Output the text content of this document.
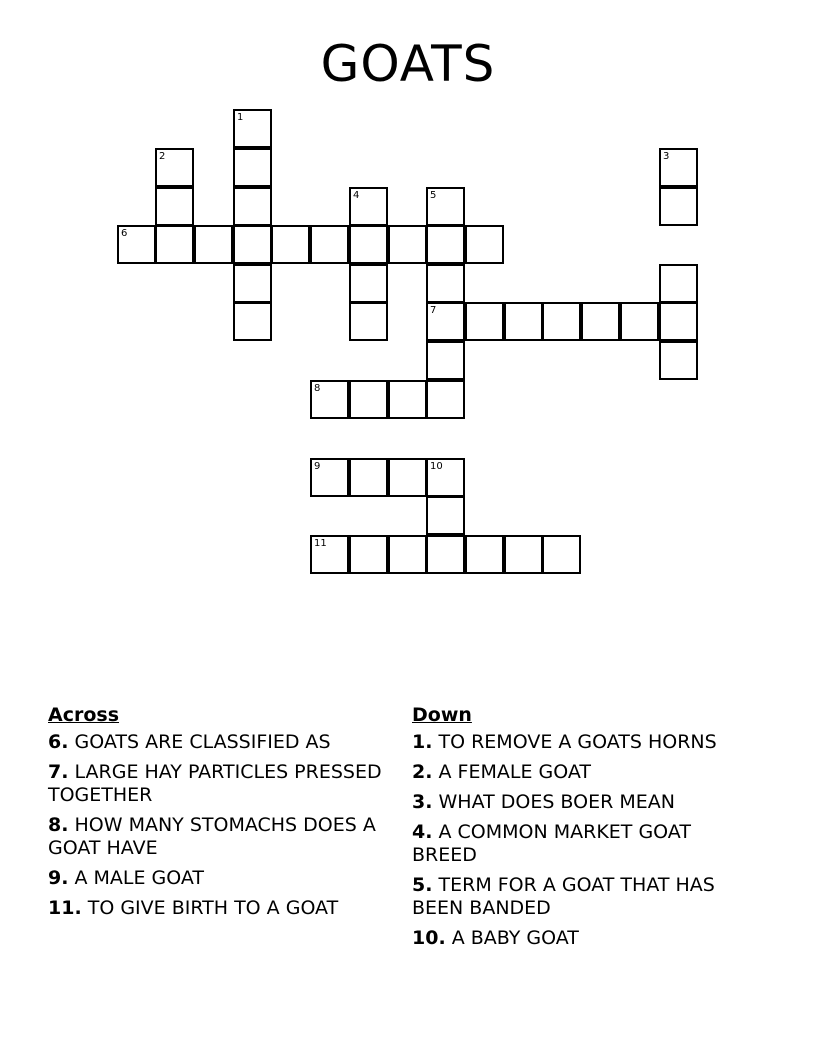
GOATS
6
7
8
9	10
11
1
2	3
4	5
Across
6. GOATS ARE CLASSIFIED AS
7. LARGE HAY PARTICLES PRESSED TOGETHER
8. HOW MANY STOMACHS DOES A GOAT HAVE
9. A MALE GOAT
11. TO GIVE BIRTH TO A GOAT
Down
1. TO REMOVE A GOATS HORNS
2. A FEMALE GOAT
3. WHAT DOES BOER MEAN
4. A COMMON MARKET GOAT BREED
5. TERM FOR A GOAT THAT HAS BEEN BANDED
10. A BABY GOAT
